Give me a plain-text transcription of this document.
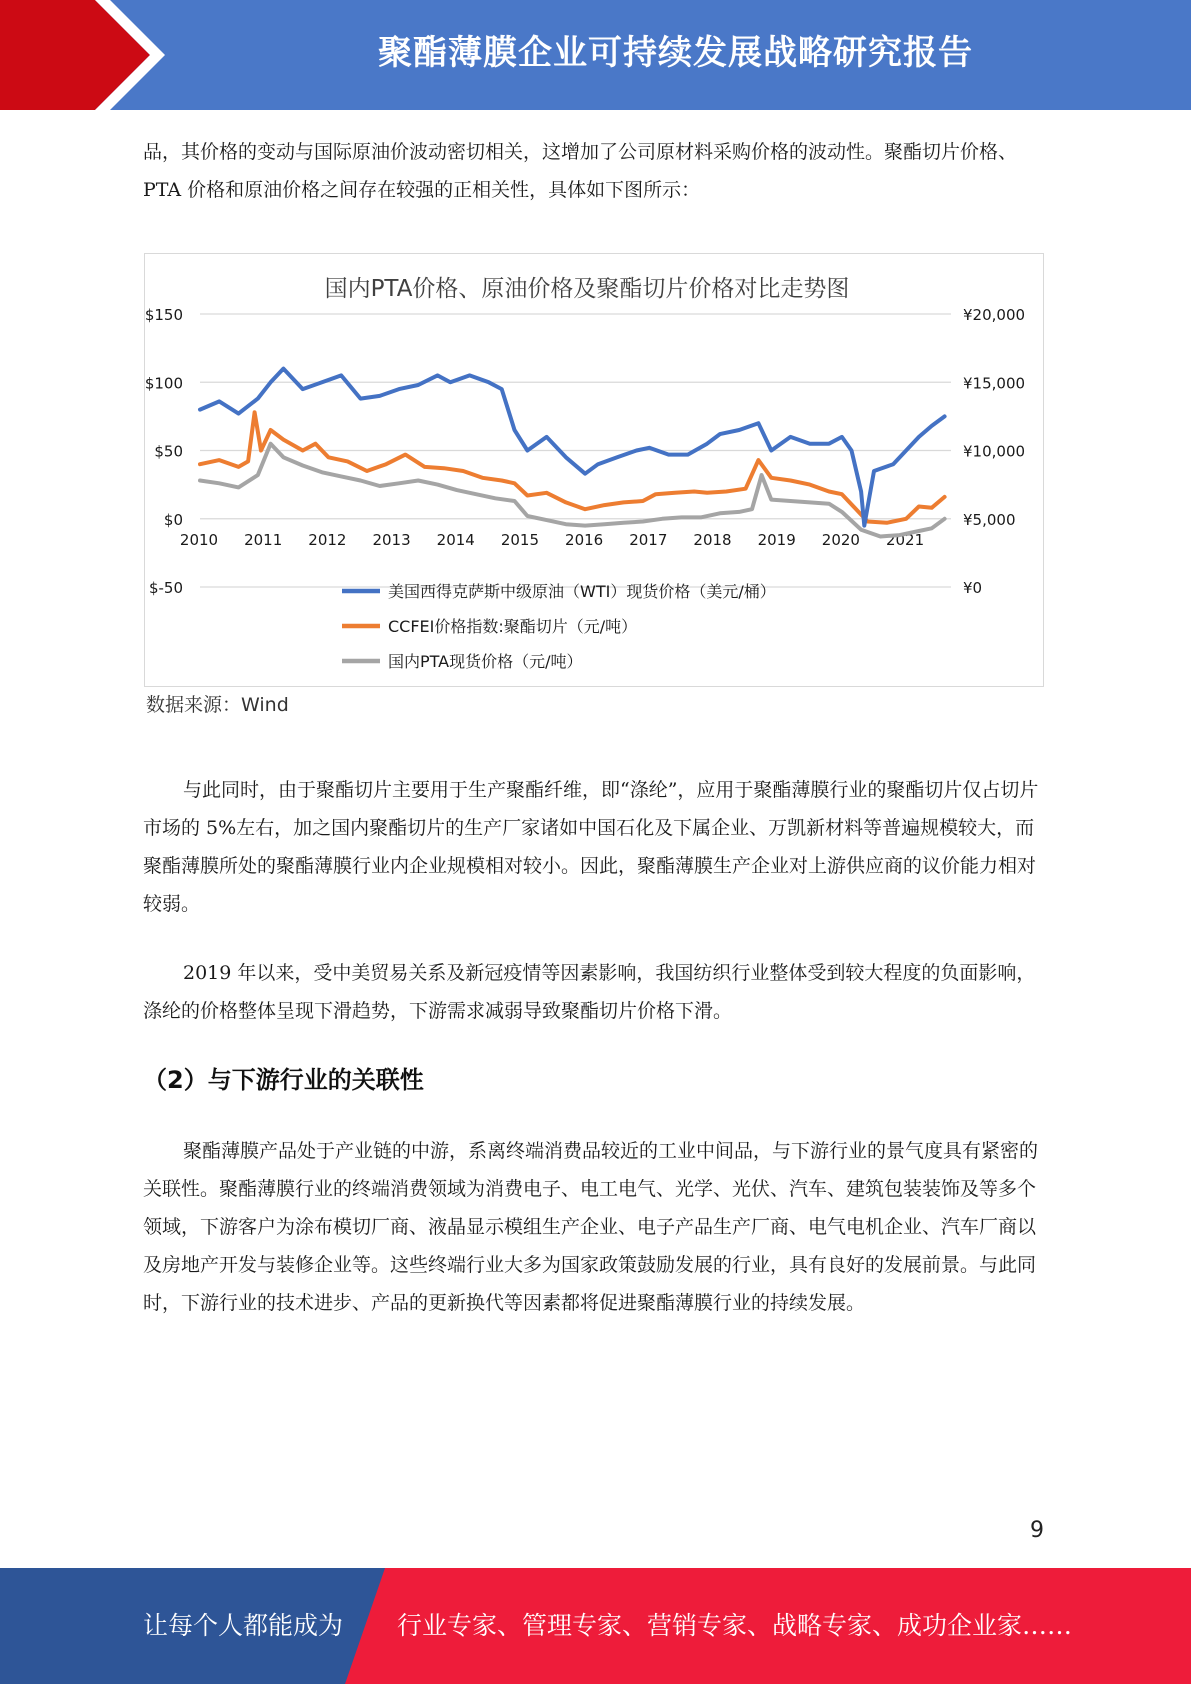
聚酯薄膜企业可持续发展战略研究报告

品，其价格的变动与国际原油价波动密切相关，这增加了公司原材料采购价格的波动性。聚酯切片价格、PTA 价格和原油价格之间存在较强的正相关性，具体如下图所示：

国内PTA价格、原油价格及聚酯切片价格对比走势图
$150
$100
$50
$0
$-50
¥20,000
¥15,000
¥10,000
¥5,000
¥0
2010 2011 2012 2013 2014 2015 2016 2017 2018 2019 2020 2021
美国西得克萨斯中级原油（WTI）现货价格（美元/桶）
CCFEI价格指数:聚酯切片（元/吨）
国内PTA现货价格（元/吨）
数据来源：Wind

与此同时，由于聚酯切片主要用于生产聚酯纤维，即“涤纶”，应用于聚酯薄膜行业的聚酯切片仅占切片市场的 5%左右，加之国内聚酯切片的生产厂家诸如中国石化及下属企业、万凯新材料等普遍规模较大，而聚酯薄膜所处的聚酯薄膜行业内企业规模相对较小。因此，聚酯薄膜生产企业对上游供应商的议价能力相对较弱。

2019 年以来，受中美贸易关系及新冠疫情等因素影响，我国纺织行业整体受到较大程度的负面影响，涤纶的价格整体呈现下滑趋势，下游需求减弱导致聚酯切片价格下滑。

（2）与下游行业的关联性

聚酯薄膜产品处于产业链的中游，系离终端消费品较近的工业中间品，与下游行业的景气度具有紧密的关联性。聚酯薄膜行业的终端消费领域为消费电子、电工电气、光学、光伏、汽车、建筑包装装饰及等多个领域，下游客户为涂布模切厂商、液晶显示模组生产企业、电子产品生产厂商、电气电机企业、汽车厂商以及房地产开发与装修企业等。这些终端行业大多为国家政策鼓励发展的行业，具有良好的发展前景。与此同时，下游行业的技术进步、产品的更新换代等因素都将促进聚酯薄膜行业的持续发展。

9
让每个人都能成为 行业专家、管理专家、营销专家、战略专家、成功企业家……
